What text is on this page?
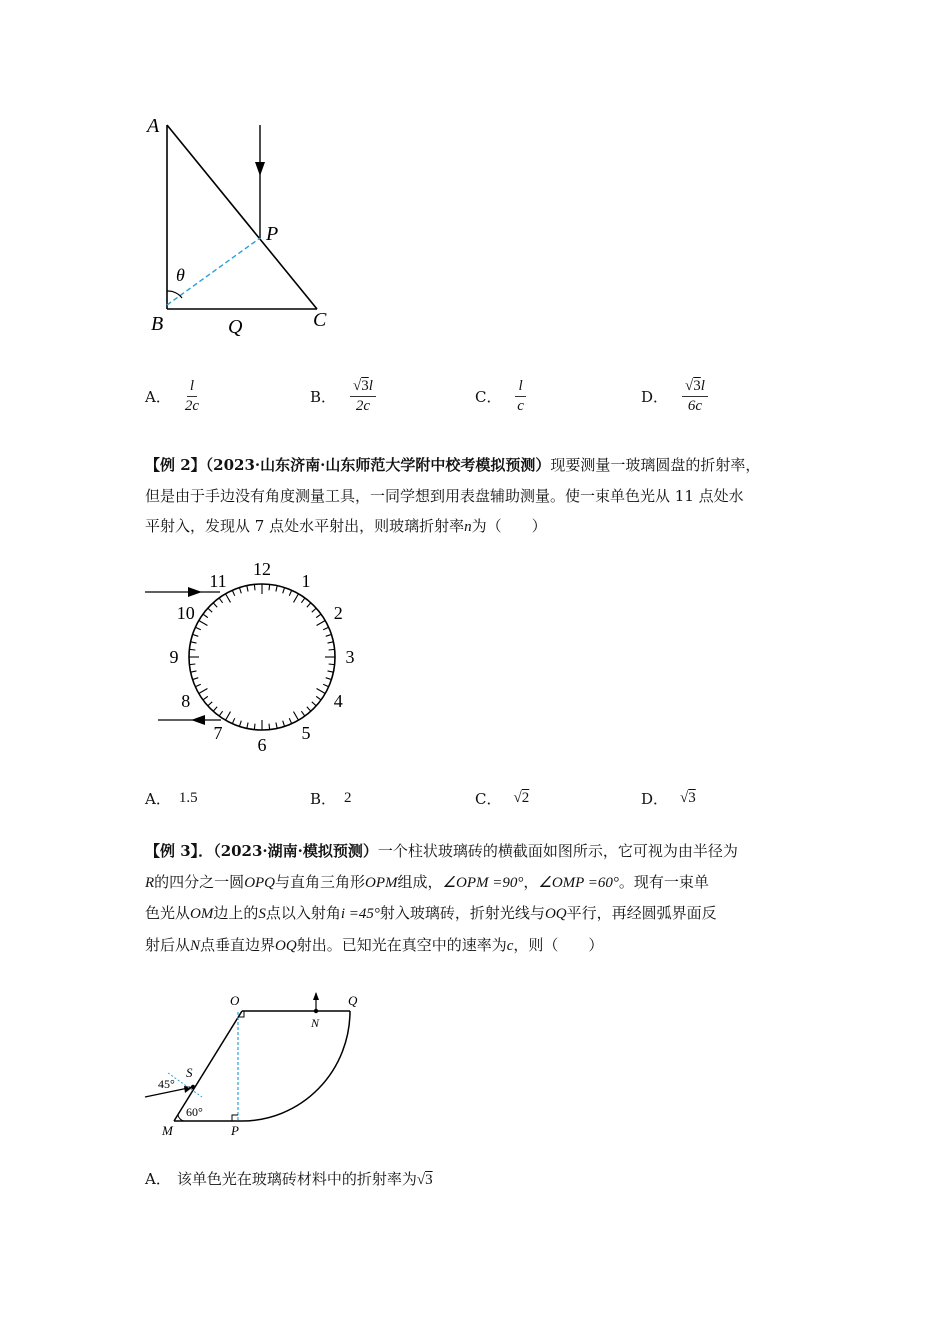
A
P
θ
B	Q	C
A． $\frac{l}{2c}$	B． $\frac{√3l}{2c}$	C． $\frac{l}{c}$	D． $\frac{√3l}{6c}$

【例 2】（2023·山东济南·山东师范大学附中校考模拟预测）现要测量一玻璃圆盘的折射率，

但是由于手边没有角度测量工具，一同学想到用表盘辅助测量。使一束单色光从 11 点处水

平射入，发现从 7 点处水平射出，则玻璃折射率n为（　　）

12
1
2
3
4
5
6
7
8
9
10
11
A． 1.5	B． 2	C． √2	D． √3

【例 3】．（2023·湖南·模拟预测）一个柱状玻璃砖的横截面如图所示，它可视为由半径为

R的四分之一圆OPQ与直角三角形OPM组成，∠OPM =90°，∠OMP =60°。现有一束单

色光从OM边上的S点以入射角i =45°射入玻璃砖，折射光线与OQ平行，再经圆弧界面反

射后从N点垂直边界OQ射出。已知光在真空中的速率为c，则（　　）

O	Q
N
S
45°
60°
M	P
A． 该单色光在玻璃砖材料中的折射率为√3
